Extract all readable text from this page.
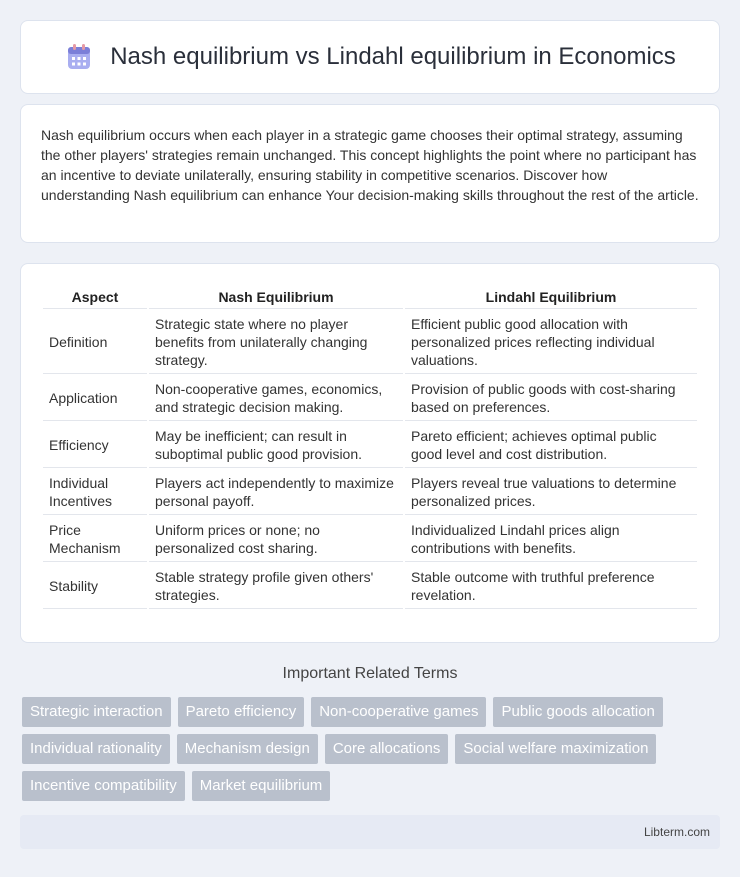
Nash equilibrium vs Lindahl equilibrium in Economics

Nash equilibrium occurs when each player in a strategic game chooses their optimal strategy, assuming the other players' strategies remain unchanged. This concept highlights the point where no participant has an incentive to deviate unilaterally, ensuring stability in competitive scenarios. Discover how understanding Nash equilibrium can enhance Your decision-making skills throughout the rest of the article.

Aspect	Nash Equilibrium	Lindahl Equilibrium
Definition	Strategic state where no player benefits from unilaterally changing strategy.	Efficient public good allocation with personalized prices reflecting individual valuations.
Application	Non-cooperative games, economics, and strategic decision making.	Provision of public goods with cost-sharing based on preferences.
Efficiency	May be inefficient; can result in suboptimal public good provision.	Pareto efficient; achieves optimal public good level and cost distribution.
Individual Incentives	Players act independently to maximize personal payoff.	Players reveal true valuations to determine personalized prices.
Price Mechanism	Uniform prices or none; no personalized cost sharing.	Individualized Lindahl prices align contributions with benefits.
Stability	Stable strategy profile given others' strategies.	Stable outcome with truthful preference revelation.
Important Related Terms
Strategic interaction	Pareto efficiency	Non-cooperative games	Public goods allocation
Individual rationality	Mechanism design	Core allocations	Social welfare maximization
Incentive compatibility	Market equilibrium
Libterm.com
